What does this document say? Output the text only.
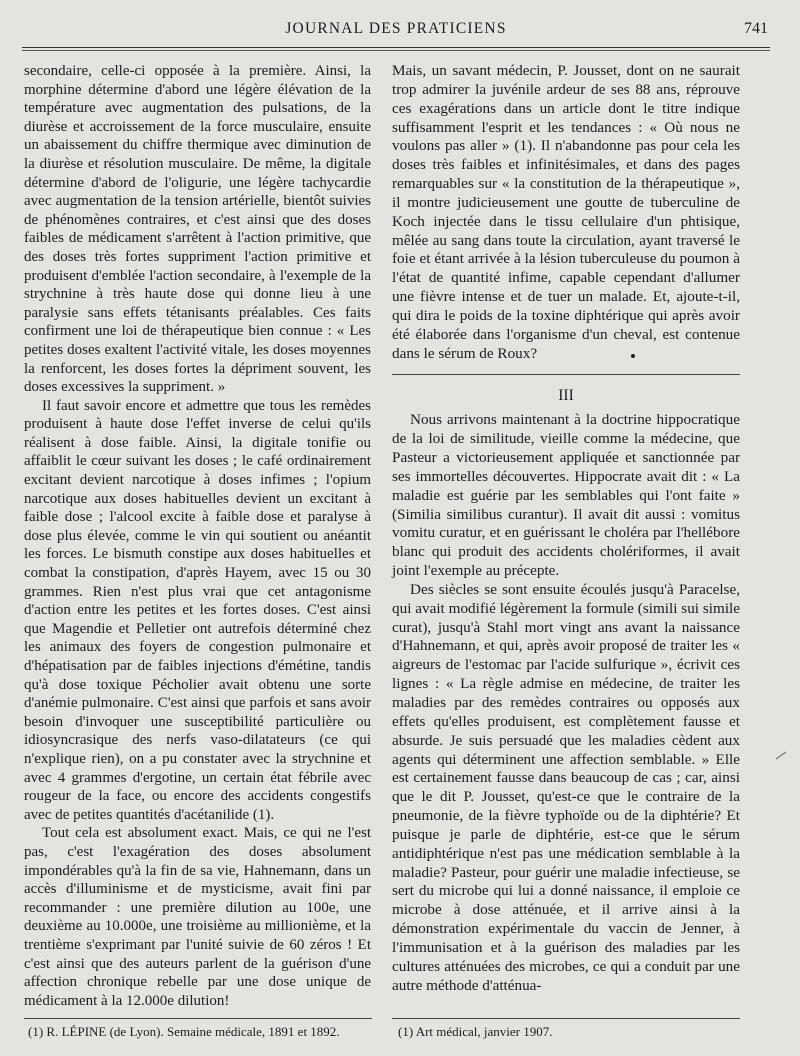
JOURNAL DES PRATICIENS	741

secondaire, celle-ci opposée à la première. Ainsi, la morphine détermine d'abord une légère élévation de la température avec augmentation des pulsations, de la diurèse et accroissement de la force musculaire, ensuite un abaissement du chiffre thermique avec diminution de la diurèse et résolution musculaire. De même, la digitale détermine d'abord de l'oligurie, une légère tachycardie avec augmentation de la tension artérielle, bientôt suivies de phénomènes contraires, et c'est ainsi que des doses faibles de médicament s'arrêtent à l'action primitive, que des doses très fortes suppriment l'action primitive et produisent d'emblée l'action secondaire, à l'exemple de la strychnine à très haute dose qui donne lieu à une paralysie sans effets tétanisants préalables. Ces faits confirment une loi de thérapeutique bien connue : « Les petites doses exaltent l'activité vitale, les doses moyennes la renforcent, les doses fortes la dépriment souvent, les doses excessives la suppriment. »

Il faut savoir encore et admettre que tous les remèdes produisent à haute dose l'effet inverse de celui qu'ils réalisent à dose faible. Ainsi, la digitale tonifie ou affaiblit le cœur suivant les doses ; le café ordinairement excitant devient narcotique à doses infimes ; l'opium narcotique aux doses habituelles devient un excitant à faible dose ; l'alcool excite à faible dose et paralyse à dose plus élevée, comme le vin qui soutient ou anéantit les forces. Le bismuth constipe aux doses habituelles et combat la constipation, d'après Hayem, avec 15 ou 30 grammes. Rien n'est plus vrai que cet antagonisme d'action entre les petites et les fortes doses. C'est ainsi que Magendie et Pelletier ont autrefois déterminé chez les animaux des foyers de congestion pulmonaire et d'hépatisation par de faibles injections d'émétine, tandis qu'à dose toxique Pécholier avait obtenu une sorte d'anémie pulmonaire. C'est ainsi que parfois et sans avoir besoin d'invoquer une susceptibilité particulière ou idiosyncrasique des nerfs vaso-dilatateurs (ce qui n'explique rien), on a pu constater avec la strychnine et avec 4 grammes d'ergotine, un certain état fébrile avec rougeur de la face, ou encore des accidents congestifs avec de petites quantités d'acétanilide (1).

Tout cela est absolument exact. Mais, ce qui ne l'est pas, c'est l'exagération des doses absolument impondérables qu'à la fin de sa vie, Hahnemann, dans un accès d'illuminisme et de mysticisme, avait fini par recommander : une première dilution au 100e, une deuxième au 10.000e, une troisième au millionième, et la trentième s'exprimant par l'unité suivie de 60 zéros ! Et c'est ainsi que des auteurs parlent de la guérison d'une affection chronique rebelle par une dose unique de médicament à la 12.000e dilution!

Mais, un savant médecin, P. Jousset, dont on ne saurait trop admirer la juvénile ardeur de ses 88 ans, réprouve ces exagérations dans un article dont le titre indique suffisamment l'esprit et les tendances : « Où nous ne voulons pas aller » (1). Il n'abandonne pas pour cela les doses très faibles et infinitésimales, et dans des pages remarquables sur « la constitution de la thérapeutique », il montre judicieusement une goutte de tuberculine de Koch injectée dans le tissu cellulaire d'un phtisique, mêlée au sang dans toute la circulation, ayant traversé le foie et étant arrivée à la lésion tuberculeuse du poumon à l'état de quantité infime, capable cependant d'allumer une fièvre intense et de tuer un malade. Et, ajoute-t-il, qui dira le poids de la toxine diphtérique qui après avoir été élaborée dans l'organisme d'un cheval, est contenue dans le sérum de Roux?

III

Nous arrivons maintenant à la doctrine hippocratique de la loi de similitude, vieille comme la médecine, que Pasteur a victorieusement appliquée et sanctionnée par ses immortelles découvertes. Hippocrate avait dit : « La maladie est guérie par les semblables qui l'ont faite » (Similia similibus curantur). Il avait dit aussi : vomitus vomitu curatur, et en guérissant le choléra par l'hellébore blanc qui produit des accidents cholériformes, il avait joint l'exemple au précepte.

Des siècles se sont ensuite écoulés jusqu'à Paracelse, qui avait modifié légèrement la formule (simili sui simile curat), jusqu'à Stahl mort vingt ans avant la naissance d'Hahnemann, et qui, après avoir proposé de traiter les « aigreurs de l'estomac par l'acide sulfurique », écrivit ces lignes : « La règle admise en médecine, de traiter les maladies par des remèdes contraires ou opposés aux effets qu'elles produisent, est complètement fausse et absurde. Je suis persuadé que les maladies cèdent aux agents qui déterminent une affection semblable. » Elle est certainement fausse dans beaucoup de cas ; car, ainsi que le dit P. Jousset, qu'est-ce que le contraire de la pneumonie, de la fièvre typhoïde ou de la diphtérie? Et puisque je parle de diphtérie, est-ce que le sérum antidiphtérique n'est pas une médication semblable à la maladie? Pasteur, pour guérir une maladie infectieuse, se sert du microbe qui lui a donné naissance, il emploie ce microbe à dose atténuée, et il arrive ainsi à la démonstration expérimentale du vaccin de Jenner, à l'immunisation et à la guérison des maladies par les cultures atténuées des microbes, ce qui a conduit par une autre méthode d'atténua-

(1) R. LÉPINE (de Lyon). Semaine médicale, 1891 et 1892.	(1) Art médical, janvier 1907.
